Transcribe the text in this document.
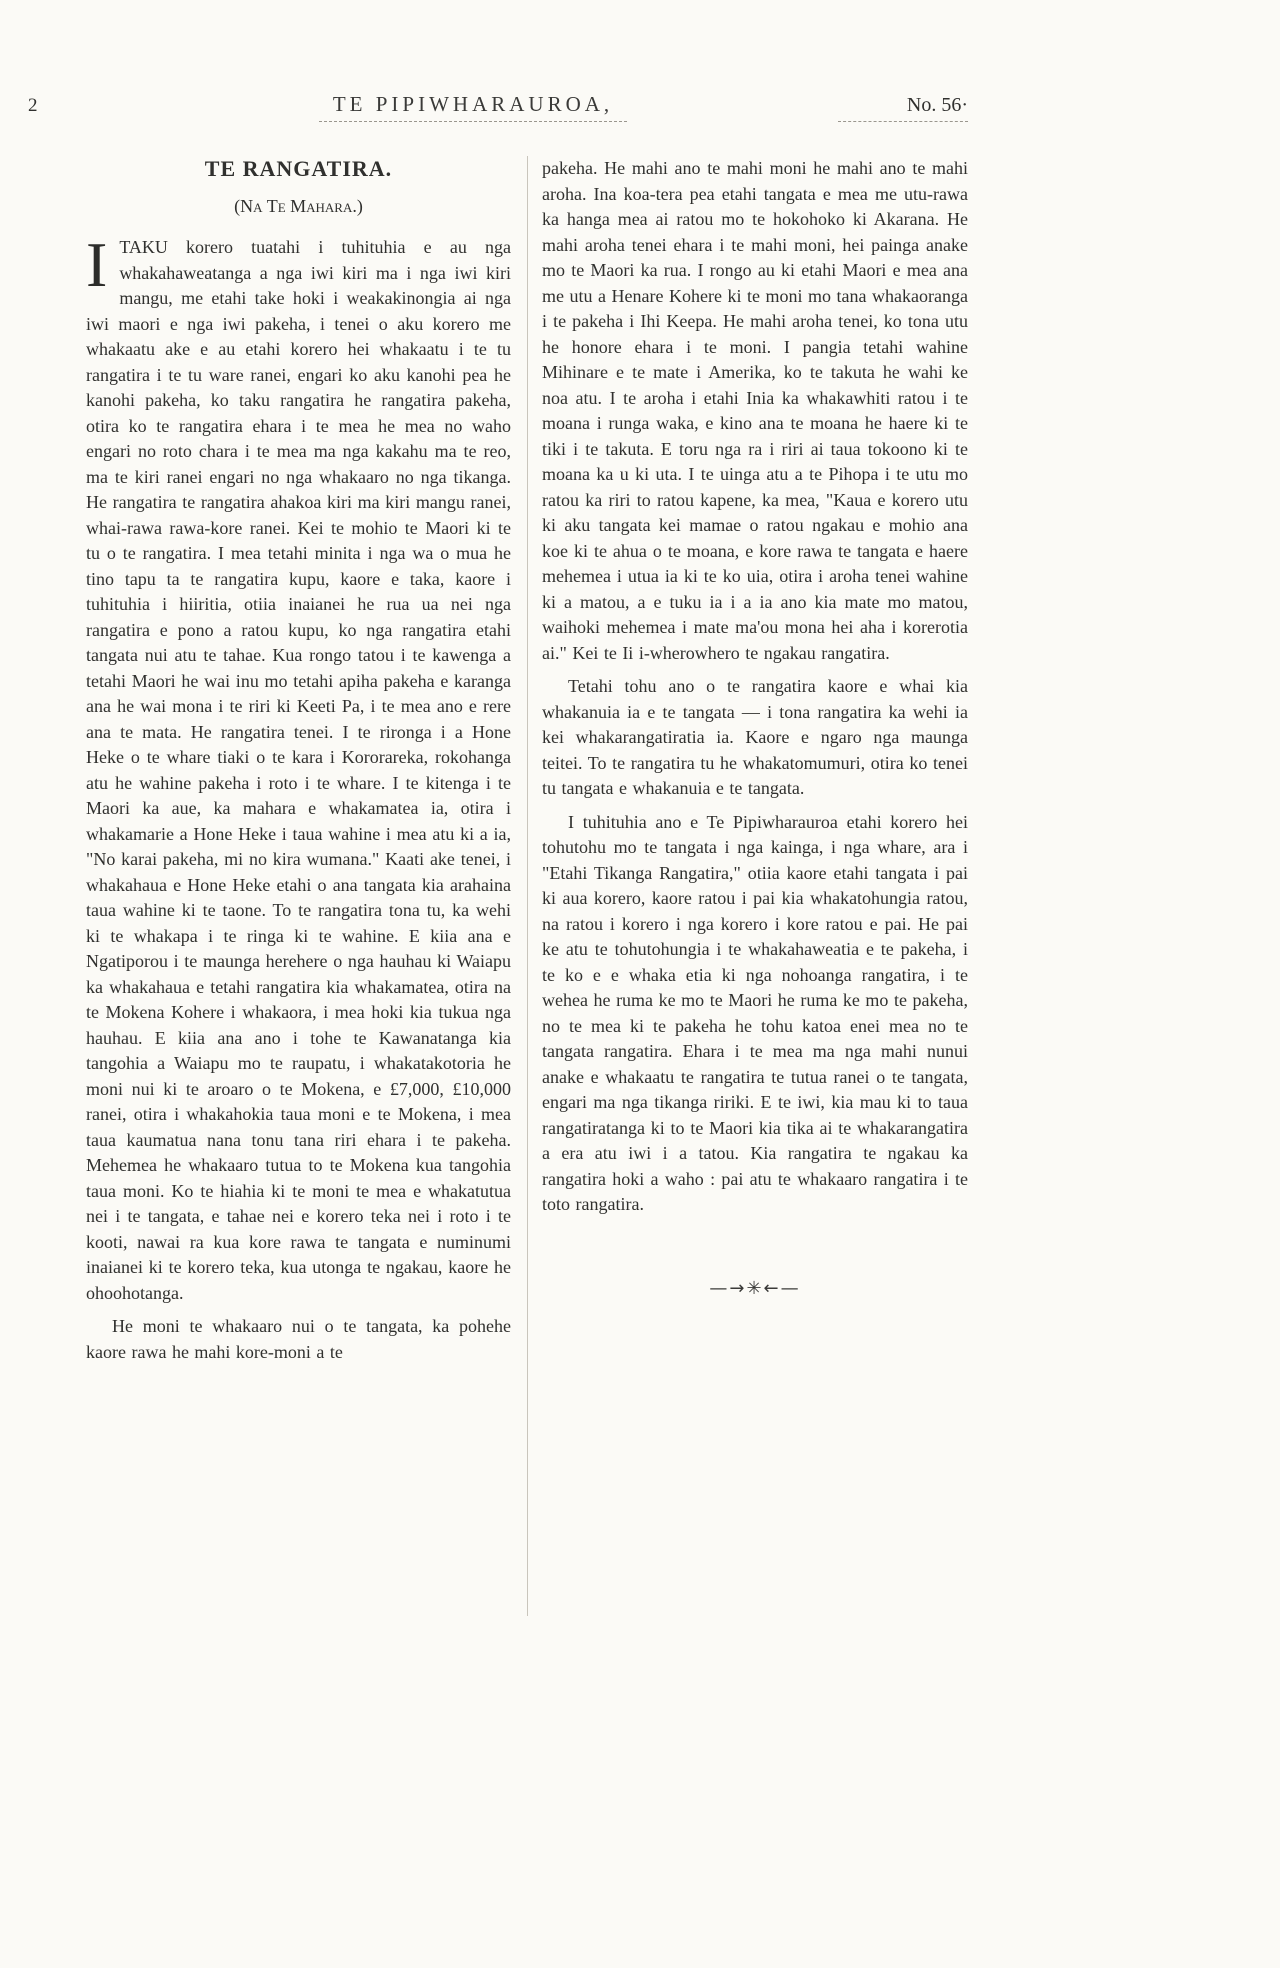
2	TE PIPIWHARAUROA,	No. 56·
TE RANGATIRA.
(Na Te Mahara.)

ITAKU korero tuatahi i tuhituhia e au nga whakahaweatanga a nga iwi kiri ma i nga iwi kiri mangu, me etahi take hoki i weakakinongia ai nga iwi maori e nga iwi pakeha, i tenei o aku korero me whakaatu ake e au etahi korero hei whakaatu i te tu rangatira i te tu ware ranei, engari ko aku kanohi pea he kanohi pakeha, ko taku rangatira he rangatira pakeha, otira ko te rangatira ehara i te mea he mea no waho engari no roto chara i te mea ma nga kakahu ma te reo, ma te kiri ranei engari no nga whakaaro no nga tikanga. He rangatira te rangatira ahakoa kiri ma kiri mangu ranei, whai-rawa rawa-kore ranei. Kei te mohio te Maori ki te tu o te rangatira. I mea tetahi minita i nga wa o mua he tino tapu ta te rangatira kupu, kaore e taka, kaore i tuhituhia i hiiritia, otiia inaianei he rua ua nei nga rangatira e pono a ratou kupu, ko nga rangatira etahi tangata nui atu te tahae. Kua rongo tatou i te kawenga a tetahi Maori he wai inu mo tetahi apiha pakeha e karanga ana he wai mona i te riri ki Keeti Pa, i te mea ano e rere ana te mata. He rangatira tenei. I te rironga i a Hone Heke o te whare tiaki o te kara i Kororareka, rokohanga atu he wahine pakeha i roto i te whare. I te kitenga i te Maori ka aue, ka mahara e whakamatea ia, otira i whakamarie a Hone Heke i taua wahine i mea atu ki a ia, "No karai pakeha, mi no kira wumana." Kaati ake tenei, i whakahaua e Hone Heke etahi o ana tangata kia arahaina taua wahine ki te taone. To te rangatira tona tu, ka wehi ki te whakapa i te ringa ki te wahine. E kiia ana e Ngatiporou i te maunga herehere o nga hauhau ki Waiapu ka whakahaua e tetahi rangatira kia whakamatea, otira na te Mokena Kohere i whakaora, i mea hoki kia tukua nga hauhau. E kiia ana ano i tohe te Kawanatanga kia tangohia a Waiapu mo te raupatu, i whakatakotoria he moni nui ki te aroaro o te Mokena, e £7,000, £10,000 ranei, otira i whakahokia taua moni e te Mokena, i mea taua kaumatua nana tonu tana riri ehara i te pakeha. Mehemea he whakaaro tutua to te Mokena kua tangohia taua moni. Ko te hiahia ki te moni te mea e whakatutua nei i te tangata, e tahae nei e korero teka nei i roto i te kooti, nawai ra kua kore rawa te tangata e numinumi inaianei ki te korero teka, kua utonga te ngakau, kaore he ohoohotanga.

He moni te whakaaro nui o te tangata, ka pohehe kaore rawa he mahi kore-moni a te

pakeha. He mahi ano te mahi moni he mahi ano te mahi aroha. Ina koa-tera pea etahi tangata e mea me utu-rawa ka hanga mea ai ratou mo te hokohoko ki Akarana. He mahi aroha tenei ehara i te mahi moni, hei painga anake mo te Maori ka rua. I rongo au ki etahi Maori e mea ana me utu a Henare Kohere ki te moni mo tana whakaoranga i te pakeha i Ihi Keepa. He mahi aroha tenei, ko tona utu he honore ehara i te moni. I pangia tetahi wahine Mihinare e te mate i Amerika, ko te takuta he wahi ke noa atu. I te aroha i etahi Inia ka whakawhiti ratou i te moana i runga waka, e kino ana te moana he haere ki te tiki i te takuta. E toru nga ra i riri ai taua tokoono ki te moana ka u ki uta. I te uinga atu a te Pihopa i te utu mo ratou ka riri to ratou kapene, ka mea, "Kaua e korero utu ki aku tangata kei mamae o ratou ngakau e mohio ana koe ki te ahua o te moana, e kore rawa te tangata e haere mehemea i utua ia ki te ko uia, otira i aroha tenei wahine ki a matou, a e tuku ia i a ia ano kia mate mo matou, waihoki mehemea i mate ma'ou mona hei aha i korerotia ai." Kei te Ii i-wherowhero te ngakau rangatira.

Tetahi tohu ano o te rangatira kaore e whai kia whakanuia ia e te tangata — i tona rangatira ka wehi ia kei whakarangatiratia ia. Kaore e ngaro nga maunga teitei. To te rangatira tu he whakatomumuri, otira ko tenei tu tangata e whakanuia e te tangata.

I tuhituhia ano e Te Pipiwharauroa etahi korero hei tohutohu mo te tangata i nga kainga, i nga whare, ara i "Etahi Tikanga Rangatira," otiia kaore etahi tangata i pai ki aua korero, kaore ratou i pai kia whakatohungia ratou, na ratou i korero i nga korero i kore ratou e pai. He pai ke atu te tohutohungia i te whakahaweatia e te pakeha, i te ko e e whaka etia ki nga nohoanga rangatira, i te wehea he ruma ke mo te Maori he ruma ke mo te pakeha, no te mea ki te pakeha he tohu katoa enei mea no te tangata rangatira. Ehara i te mea ma nga mahi nunui anake e whakaatu te rangatira te tutua ranei o te tangata, engari ma nga tikanga ririki. E te iwi, kia mau ki to taua rangatiratanga ki to te Maori kia tika ai te whakarangatira a era atu iwi i a tatou. Kia rangatira te ngakau ka rangatira hoki a waho : pai atu te whakaaro rangatira i te toto rangatira.

—→✳←—
